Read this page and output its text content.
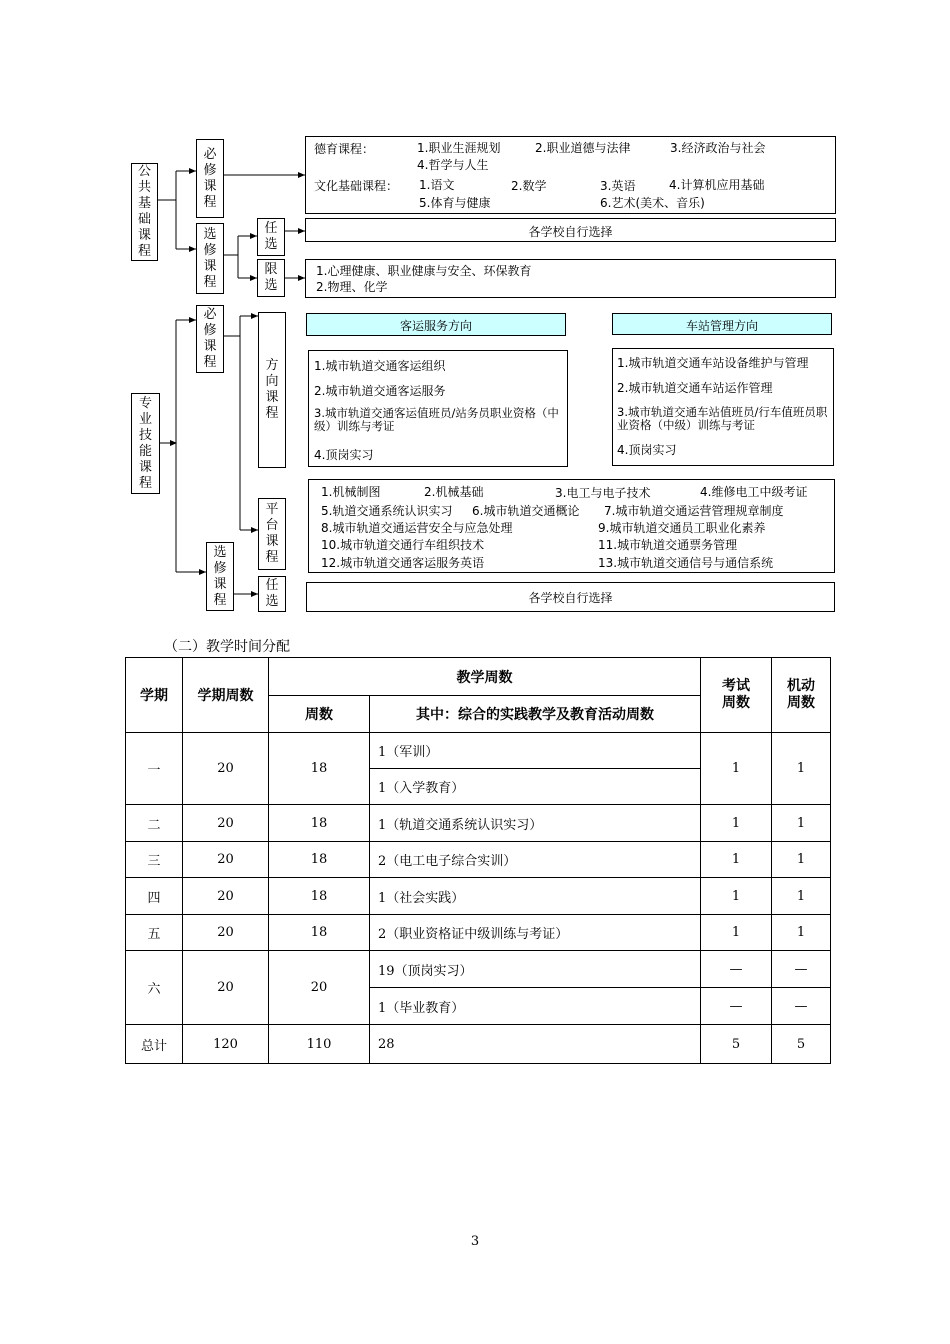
公共基础课程
必修课程
选修课程
任选
限选
德育课程：	1.职业生涯规划	2.职业道德与法律	3.经济政治与社会
4.哲学与人生
文化基础课程： 1.语文	2.数学	3.英语	4.计算机应用基础
5.体育与健康	6.艺术(美术、音乐)
各学校自行选择
1.心理健康、职业健康与安全、环保教育
2.物理、化学
专业技能课程
必修课程
选修课程
方向课程
平台课程
任选
客运服务方向	车站管理方向
1.城市轨道交通客运组织
2.城市轨道交通客运服务
3.城市轨道交通客运值班员/站务员职业资格（中级）训练与考证
4.顶岗实习
1.城市轨道交通车站设备维护与管理
2.城市轨道交通车站运作管理
3.城市轨道交通车站值班员/行车值班员职业资格（中级）训练与考证
4.顶岗实习
1.机械制图	2.机械基础	3.电工与电子技术	4.维修电工中级考证
5.轨道交通系统认识实习 6.城市轨道交通概论 7.城市轨道交通运营管理规章制度
8.城市轨道交通运营安全与应急处理	9.城市轨道交通员工职业化素养
10.城市轨道交通行车组织技术	11.城市轨道交通票务管理
12.城市轨道交通客运服务英语	13.城市轨道交通信号与通信系统
各学校自行选择
（二）教学时间分配
学期	学期周数	教学周数		考试周数	机动周数
		周数	其中：综合的实践教学及教育活动周数		
一	20	18	1（军训）	1	1
			1（入学教育）		
二	20	18	1（轨道交通系统认识实习）	1	1
三	20	18	2（电工电子综合实训）	1	1
四	20	18	1（社会实践）	1	1
五	20	18	2（职业资格证中级训练与考证）	1	1
六	20	20	19（顶岗实习）	—	—
			1（毕业教育）	—	—
总计	120	110	28	5	5
3
